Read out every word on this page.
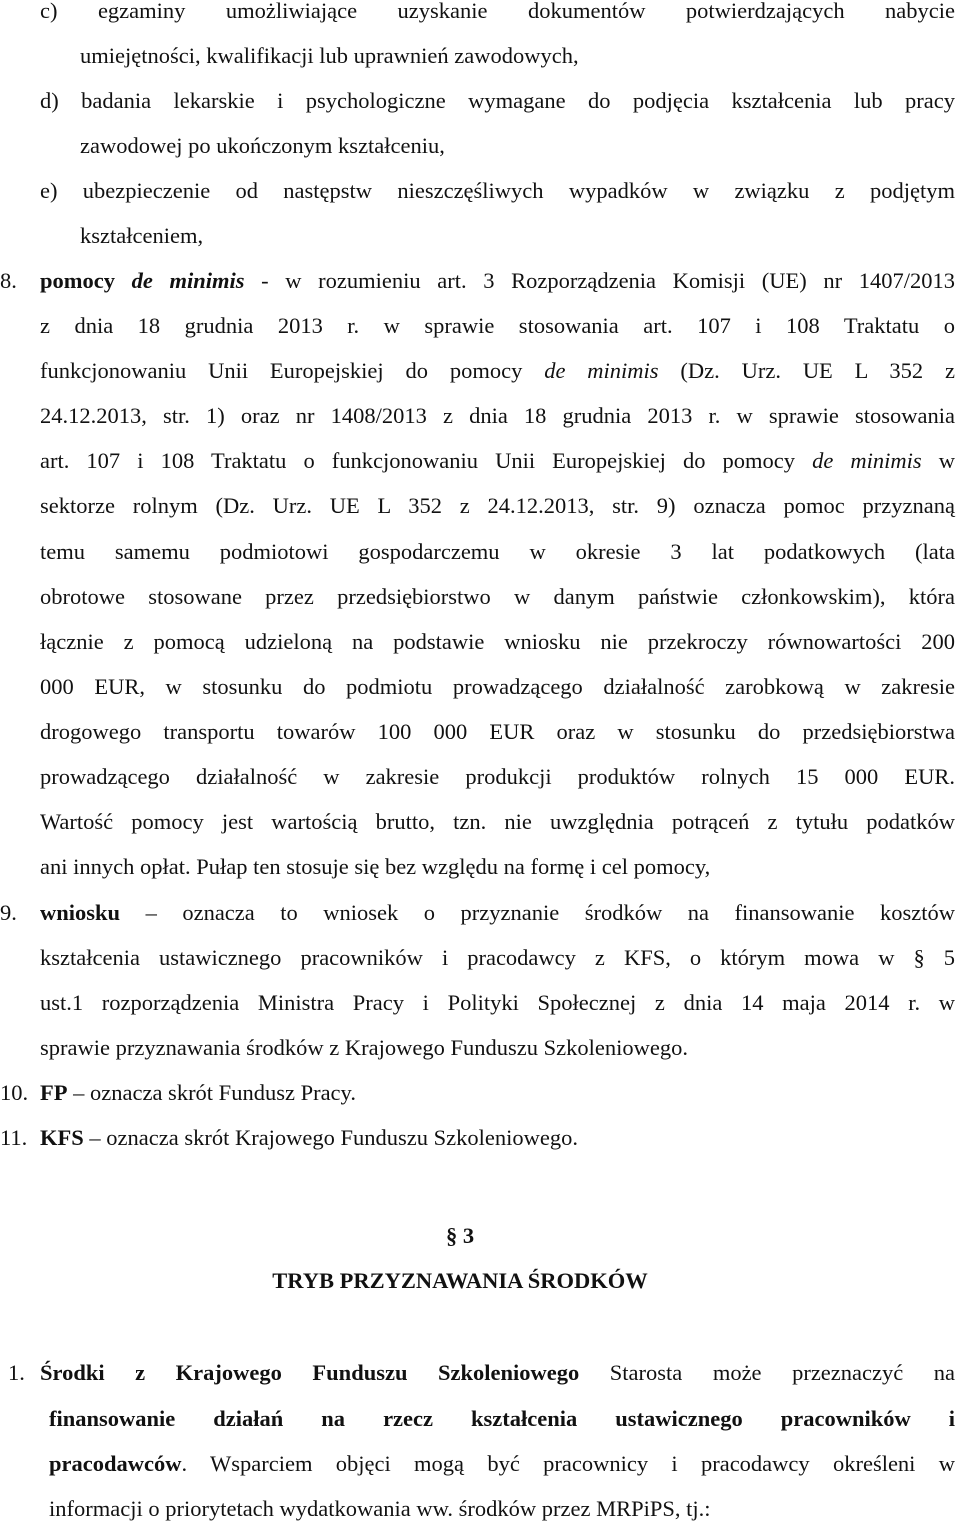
c) egzaminy umożliwiające uzyskanie dokumentów potwierdzających nabycie
umiejętności, kwalifikacji lub uprawnień zawodowych,
d) badania lekarskie i psychologiczne wymagane do podjęcia kształcenia lub pracy
zawodowej po ukończonym kształceniu,
e) ubezpieczenie od następstw nieszczęśliwych wypadków w związku z podjętym
kształceniem,
8. pomocy de minimis - w rozumieniu art. 3 Rozporządzenia Komisji (UE) nr 1407/2013
z dnia 18 grudnia 2013 r. w sprawie stosowania art. 107 i 108 Traktatu o
funkcjonowaniu Unii Europejskiej do pomocy de minimis (Dz. Urz. UE L 352 z
24.12.2013, str. 1) oraz nr 1408/2013 z dnia 18 grudnia 2013 r. w sprawie stosowania
art. 107 i 108 Traktatu o funkcjonowaniu Unii Europejskiej do pomocy de minimis w
sektorze rolnym (Dz. Urz. UE L 352 z 24.12.2013, str. 9) oznacza pomoc przyznaną
temu samemu podmiotowi gospodarczemu w okresie 3 lat podatkowych (lata
obrotowe stosowane przez przedsiębiorstwo w danym państwie członkowskim), która
łącznie z pomocą udzieloną na podstawie wniosku nie przekroczy równowartości 200
000 EUR, w stosunku do podmiotu prowadzącego działalność zarobkową w zakresie
drogowego transportu towarów 100 000 EUR oraz w stosunku do przedsiębiorstwa
prowadzącego działalność w zakresie produkcji produktów rolnych 15 000 EUR.
Wartość pomocy jest wartością brutto, tzn. nie uwzględnia potrąceń z tytułu podatków
ani innych opłat. Pułap ten stosuje się bez względu na formę i cel pomocy,
9. wniosku – oznacza to wniosek o przyznanie środków na finansowanie kosztów
kształcenia ustawicznego pracowników i pracodawcy z KFS, o którym mowa w § 5
ust.1 rozporządzenia Ministra Pracy i Polityki Społecznej z dnia 14 maja 2014 r. w
sprawie przyznawania środków z Krajowego Funduszu Szkoleniowego.
10. FP – oznacza skrót Fundusz Pracy.
11. KFS – oznacza skrót Krajowego Funduszu Szkoleniowego.
§ 3
TRYB PRZYZNAWANIA ŚRODKÓW
1. Środki z Krajowego Funduszu Szkoleniowego Starosta może przeznaczyć na
finansowanie działań na rzecz kształcenia ustawicznego pracowników i
pracodawców. Wsparciem objęci mogą być pracownicy i pracodawcy określeni w
informacji o priorytetach wydatkowania ww. środków przez MRPiPS, tj.:
